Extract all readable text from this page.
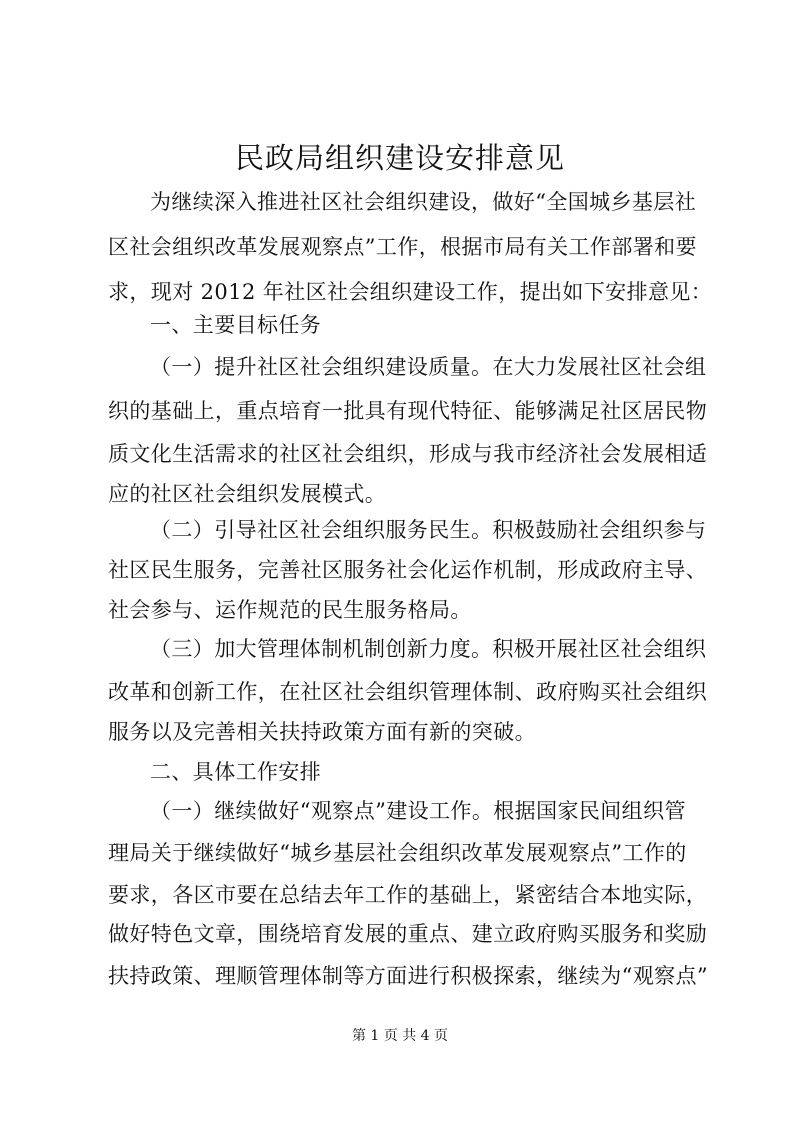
民政局组织建设安排意见
为继续深入推进社区社会组织建设，做好“全国城乡基层社
区社会组织改革发展观察点”工作，根据市局有关工作部署和要
求，现对 2012 年社区社会组织建设工作，提出如下安排意见：
一、主要目标任务
（一）提升社区社会组织建设质量。在大力发展社区社会组
织的基础上，重点培育一批具有现代特征、能够满足社区居民物
质文化生活需求的社区社会组织，形成与我市经济社会发展相适
应的社区社会组织发展模式。
（二）引导社区社会组织服务民生。积极鼓励社会组织参与
社区民生服务，完善社区服务社会化运作机制，形成政府主导、
社会参与、运作规范的民生服务格局。
（三）加大管理体制机制创新力度。积极开展社区社会组织
改革和创新工作，在社区社会组织管理体制、政府购买社会组织
服务以及完善相关扶持政策方面有新的突破。
二、具体工作安排
（一）继续做好“观察点”建设工作。根据国家民间组织管
理局关于继续做好“城乡基层社会组织改革发展观察点”工作的
要求，各区市要在总结去年工作的基础上，紧密结合本地实际，
做好特色文章，围绕培育发展的重点、建立政府购买服务和奖励
扶持政策、理顺管理体制等方面进行积极探索，继续为“观察点”
第 1 页 共 4 页
